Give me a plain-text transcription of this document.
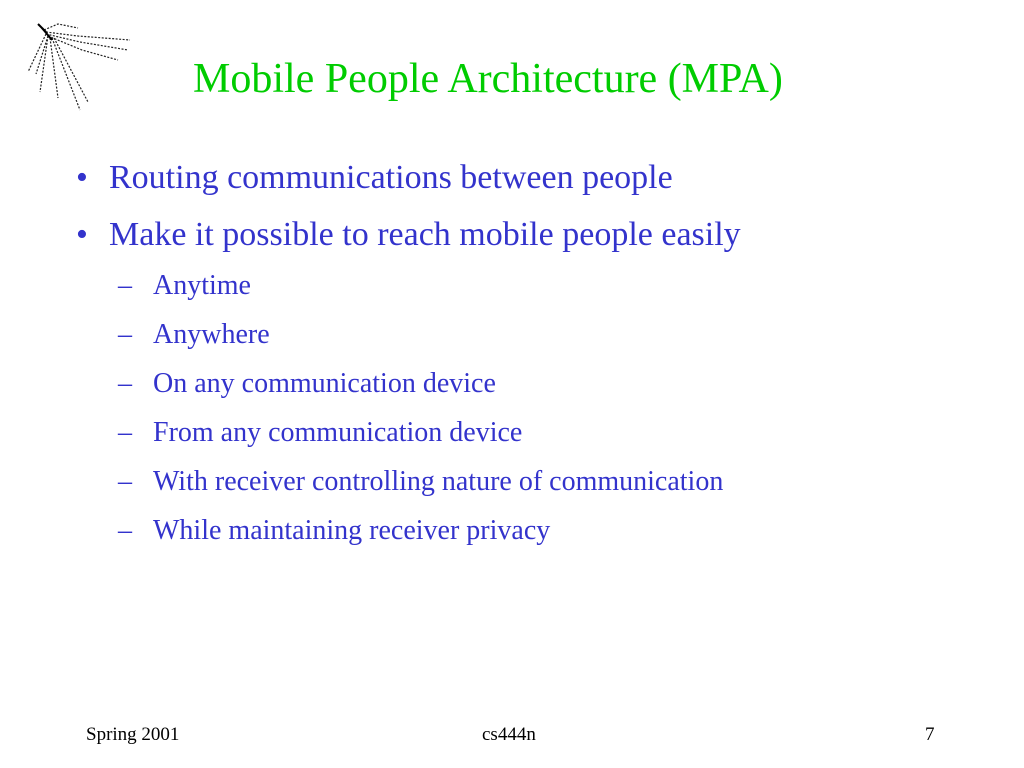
Mobile People Architecture (MPA)
• Routing communications between people
• Make it possible to reach mobile people easily
– Anytime
– Anywhere
– On any communication device
– From any communication device
– With receiver controlling nature of communication
– While maintaining receiver privacy
Spring 2001	cs444n	7
